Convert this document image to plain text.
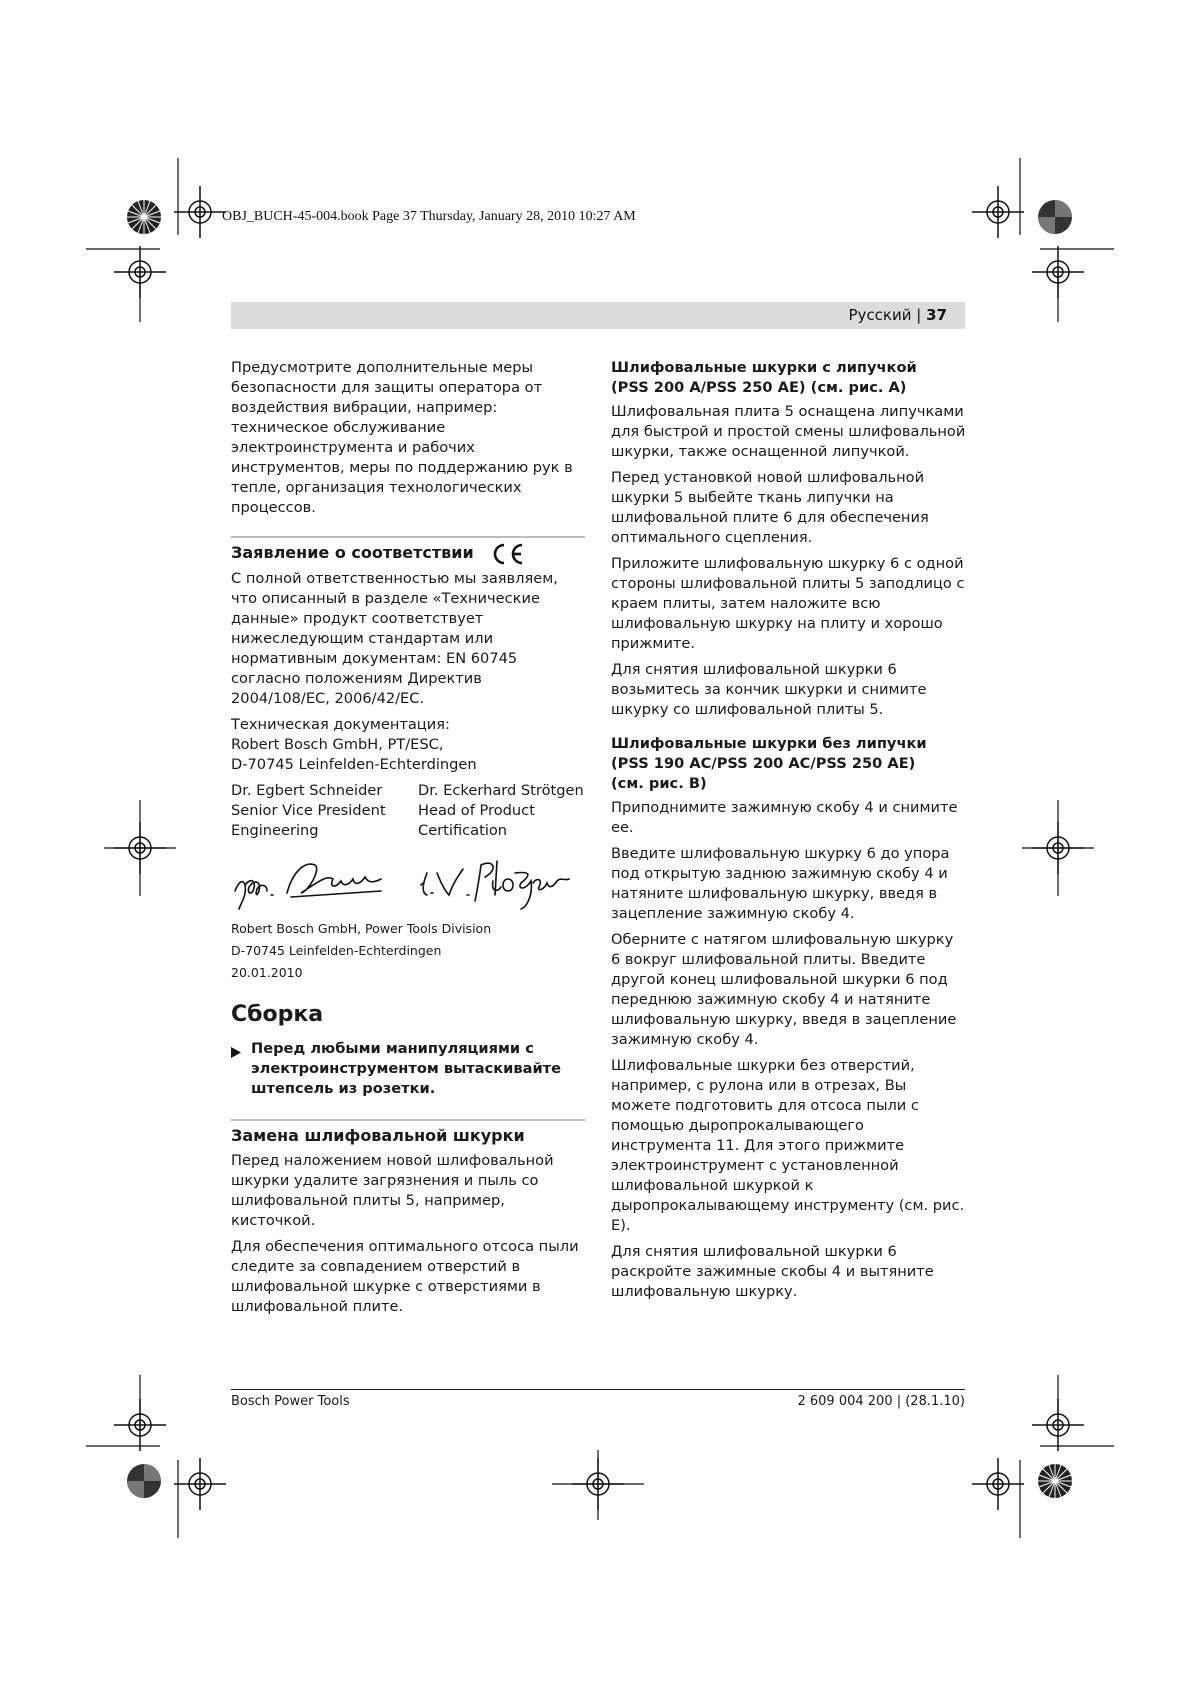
OBJ_BUCH-45-004.book Page 37 Thursday, January 28, 2010 10:27 AM
Русский | 37

Предусмотрите дополнительные меры безопасности для защиты оператора от воздействия вибрации, например: техническое обслуживание электроинструмента и рабочих инструментов, меры по поддержанию рук в тепле, организация технологических процессов.

Заявление о соответствии

С полной ответственностью мы заявляем, что описанный в разделе «Технические данные» продукт соответствует нижеследующим стандартам или нормативным документам: EN 60745 согласно положениям Директив 2004/108/EC, 2006/42/EC.

Техническая документация:
Robert Bosch GmbH, PT/ESC,
D-70745 Leinfelden-Echterdingen

Dr. Egbert Schneider
Senior Vice President
Engineering
Dr. Eckerhard Strötgen
Head of Product
Certification

Robert Bosch GmbH, Power Tools Division

D-70745 Leinfelden-Echterdingen

20.01.2010

Сборка
Перед любыми манипуляциями с электроинструментом вытаскивайте штепсель из розетки.
Замена шлифовальной шкурки

Перед наложением новой шлифовальной шкурки удалите загрязнения и пыль со шлифовальной плиты 5, например, кисточкой.

Для обеспечения оптимального отсоса пыли следите за совпадением отверстий в шлифовальной шкурке с отверстиями в шлифовальной плите.

Шлифовальные шкурки с липучкой
(PSS 200 A/PSS 250 AE) (см. рис. A)

Шлифовальная плита 5 оснащена липучками для быстрой и простой смены шлифовальной шкурки, также оснащенной липучкой.

Перед установкой новой шлифовальной шкурки 5 выбейте ткань липучки на шлифовальной плите 6 для обеспечения оптимального сцепления.

Приложите шлифовальную шкурку 6 с одной стороны шлифовальной плиты 5 заподлицо с краем плиты, затем наложите всю шлифовальную шкурку на плиту и хорошо прижмите.

Для снятия шлифовальной шкурки 6 возьмитесь за кончик шкурки и снимите шкурку со шлифовальной плиты 5.

Шлифовальные шкурки без липучки
(PSS 190 AC/PSS 200 AC/PSS 250 AE)
(см. рис. B)

Приподнимите зажимную скобу 4 и снимите ее.

Введите шлифовальную шкурку 6 до упора под открытую заднюю зажимную скобу 4 и натяните шлифовальную шкурку, введя в зацепление зажимную скобу 4.

Оберните с натягом шлифовальную шкурку 6 вокруг шлифовальной плиты. Введите другой конец шлифовальной шкурки 6 под переднюю зажимную скобу 4 и натяните шлифовальную шкурку, введя в зацепление зажимную скобу 4.

Шлифовальные шкурки без отверстий, например, с рулона или в отрезах, Вы можете подготовить для отсоса пыли с помощью дыропрокалывающего инструмента 11. Для этого прижмите электроинструмент с установленной шлифовальной шкуркой к дыропрокалывающему инструменту (см. рис. E).

Для снятия шлифовальной шкурки 6 раскройте зажимные скобы 4 и вытяните шлифовальную шкурку.

Bosch Power Tools	2 609 004 200 | (28.1.10)
